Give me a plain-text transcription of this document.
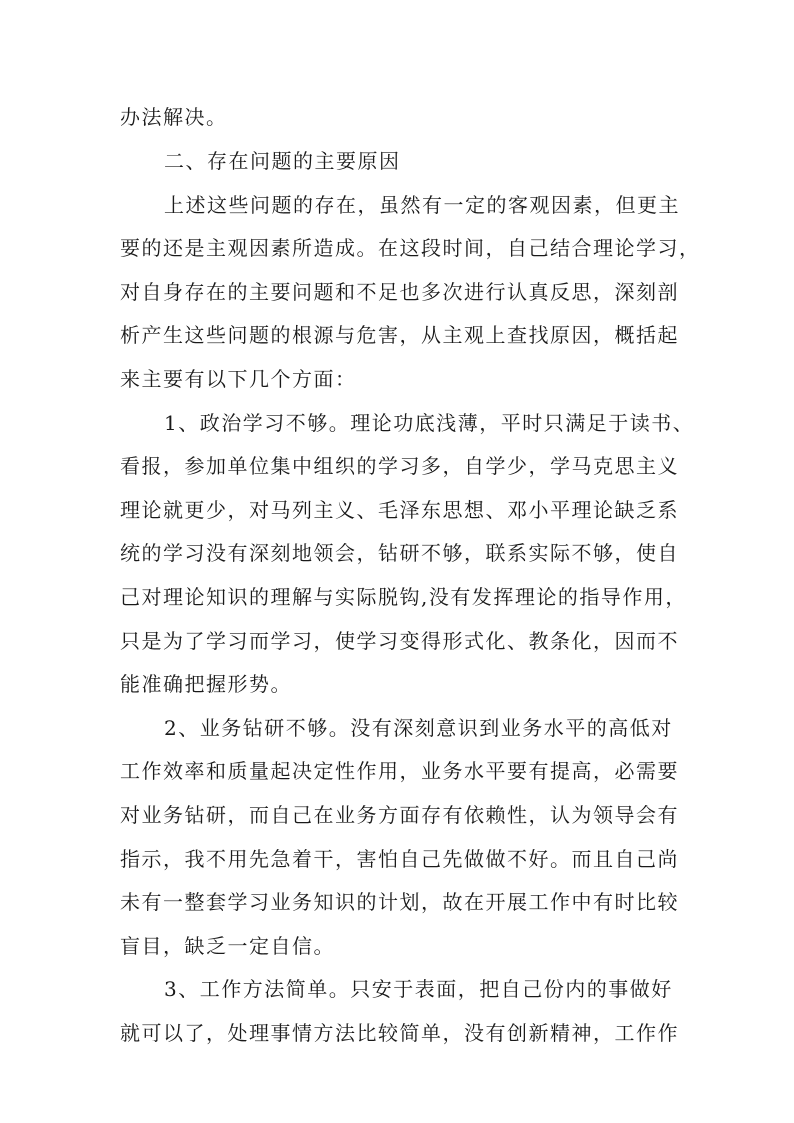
办法解决。
二、存在问题的主要原因
上述这些问题的存在，虽然有一定的客观因素，但更主
要的还是主观因素所造成。在这段时间，自己结合理论学习，
对自身存在的主要问题和不足也多次进行认真反思，深刻剖
析产生这些问题的根源与危害，从主观上查找原因，概括起
来主要有以下几个方面：
1、政治学习不够。理论功底浅薄，平时只满足于读书、
看报，参加单位集中组织的学习多，自学少，学马克思主义
理论就更少，对马列主义、毛泽东思想、邓小平理论缺乏系
统的学习没有深刻地领会，钻研不够，联系实际不够，使自
己对理论知识的理解与实际脱钩,没有发挥理论的指导作用，
只是为了学习而学习，使学习变得形式化、教条化，因而不
能准确把握形势。
2、业务钻研不够。没有深刻意识到业务水平的高低对
工作效率和质量起决定性作用，业务水平要有提高，必需要
对业务钻研，而自己在业务方面存有依赖性，认为领导会有
指示，我不用先急着干，害怕自己先做做不好。而且自己尚
未有一整套学习业务知识的计划，故在开展工作中有时比较
盲目，缺乏一定自信。
3、工作方法简单。只安于表面，把自己份内的事做好
就可以了，处理事情方法比较简单，没有创新精神，工作作
